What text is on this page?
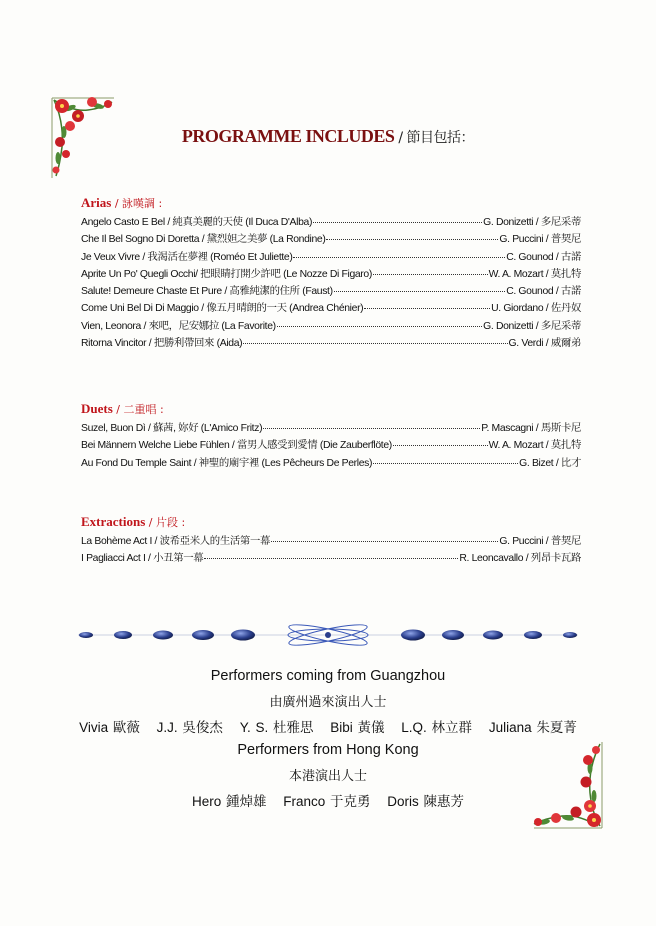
PROGRAMME INCLUDES / 節目包括：
Arias / 詠嘆調 :
Angelo Casto E Bel / 純真美麗的天使 (Il Duca D'Alba)	G. Donizetti / 多尼采蒂
Che Il Bel Sogno Di Doretta / 黛烈妲之美夢 (La Rondine)	G. Puccini / 普契尼
Je Veux Vivre / 我渴活在夢裡 (Roméo Et Juliette)	C. Gounod / 古諾
Aprite Un Po' Quegli Occhi/ 把眼睛打開少許吧 (Le Nozze Di Figaro)	W. A. Mozart / 莫扎特
Salute! Demeure Chaste Et Pure / 高雅純潔的住所 (Faust)	C. Gounod / 古諾
Come Uni Bel Di Di Maggio / 像五月晴朗的一天 (Andrea Chénier)	U. Giordano / 佐丹奴
Vien, Leonora / 來吧，尼安娜拉 (La Favorite)	G. Donizetti / 多尼采蒂
Ritorna Vincitor / 把勝利帶回來 (Aida)	G. Verdi / 威爾弟
Duets / 二重唱 :
Suzel, Buon Dì / 蘇茜, 妳好 (L'Amico Fritz)	P. Mascagni / 馬斯卡尼
Bei Männern Welche Liebe Fühlen / 當男人感受到愛情 (Die Zauberflöte)	W. A. Mozart / 莫扎特
Au Fond Du Temple Saint / 神聖的廟宇裡 (Les Pêcheurs De Perles)	G. Bizet / 比才
Extractions / 片段 :
La Bohème Act I / 波希亞米人的生活第一幕	G. Puccini / 普契尼
I Pagliacci Act I / 小丑第一幕	R. Leoncavallo / 列昂卡瓦路
Performers coming from Guangzhou
由廣州過來演出人士
Vivia 歐薇 J.J. 吳俊杰 Y. S. 杜雅思 Bibi 黃儀 L.Q. 林立群 Juliana 朱夏菁
Performers from Hong Kong
本港演出人士
Hero 鍾焯雄 Franco 于克勇 Doris 陳惠芳
